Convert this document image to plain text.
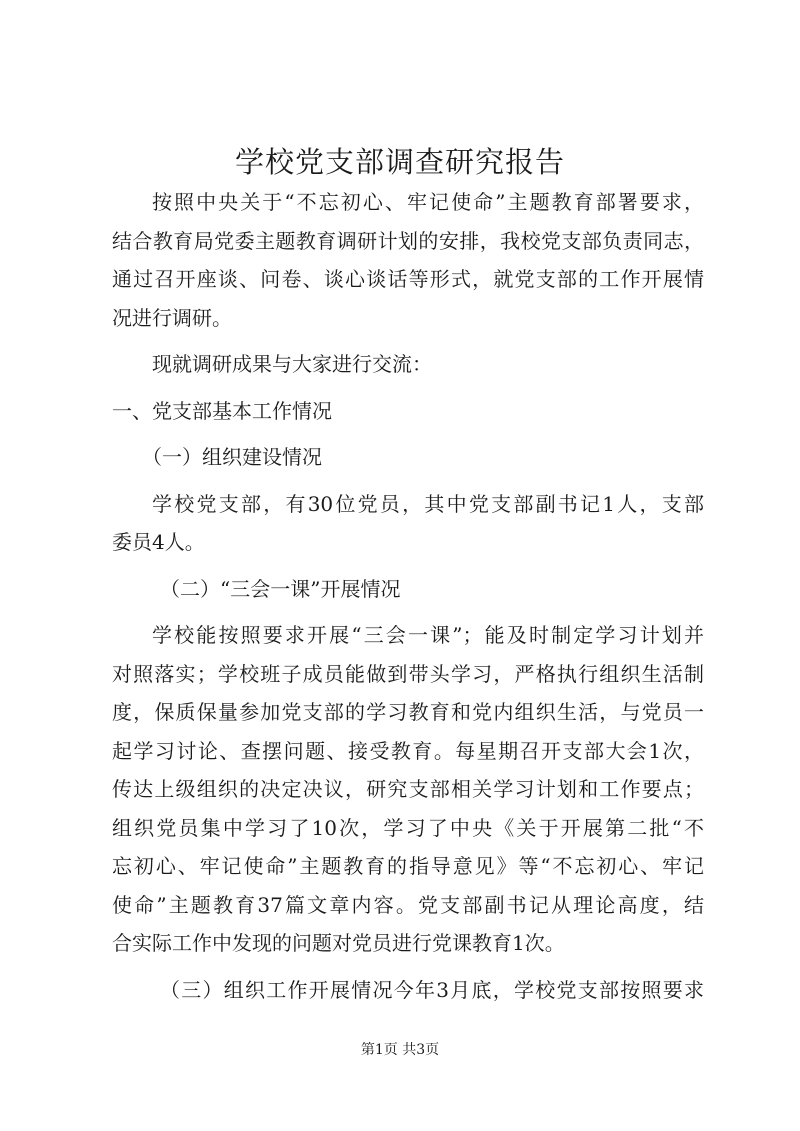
学校党支部调查研究报告
按照中央关于“不忘初心、牢记使命”主题教育部署要求，
结合教育局党委主题教育调研计划的安排，我校党支部负责同志，
通过召开座谈、问卷、谈心谈话等形式，就党支部的工作开展情
况进行调研。
现就调研成果与大家进行交流：
一、党支部基本工作情况
（一）组织建设情况
学校党支部，有30位党员，其中党支部副书记1人，支部
委员4人。
（二）“三会一课”开展情况
学校能按照要求开展“三会一课”；能及时制定学习计划并
对照落实；学校班子成员能做到带头学习，严格执行组织生活制
度，保质保量参加党支部的学习教育和党内组织生活，与党员一
起学习讨论、查摆问题、接受教育。每星期召开支部大会1次，
传达上级组织的决定决议，研究支部相关学习计划和工作要点；
组织党员集中学习了10次，学习了中央《关于开展第二批“不
忘初心、牢记使命”主题教育的指导意见》等“不忘初心、牢记
使命”主题教育37篇文章内容。党支部副书记从理论高度，结
合实际工作中发现的问题对党员进行党课教育1次。
（三）组织工作开展情况今年3月底，学校党支部按照要求
第1页 共3页
